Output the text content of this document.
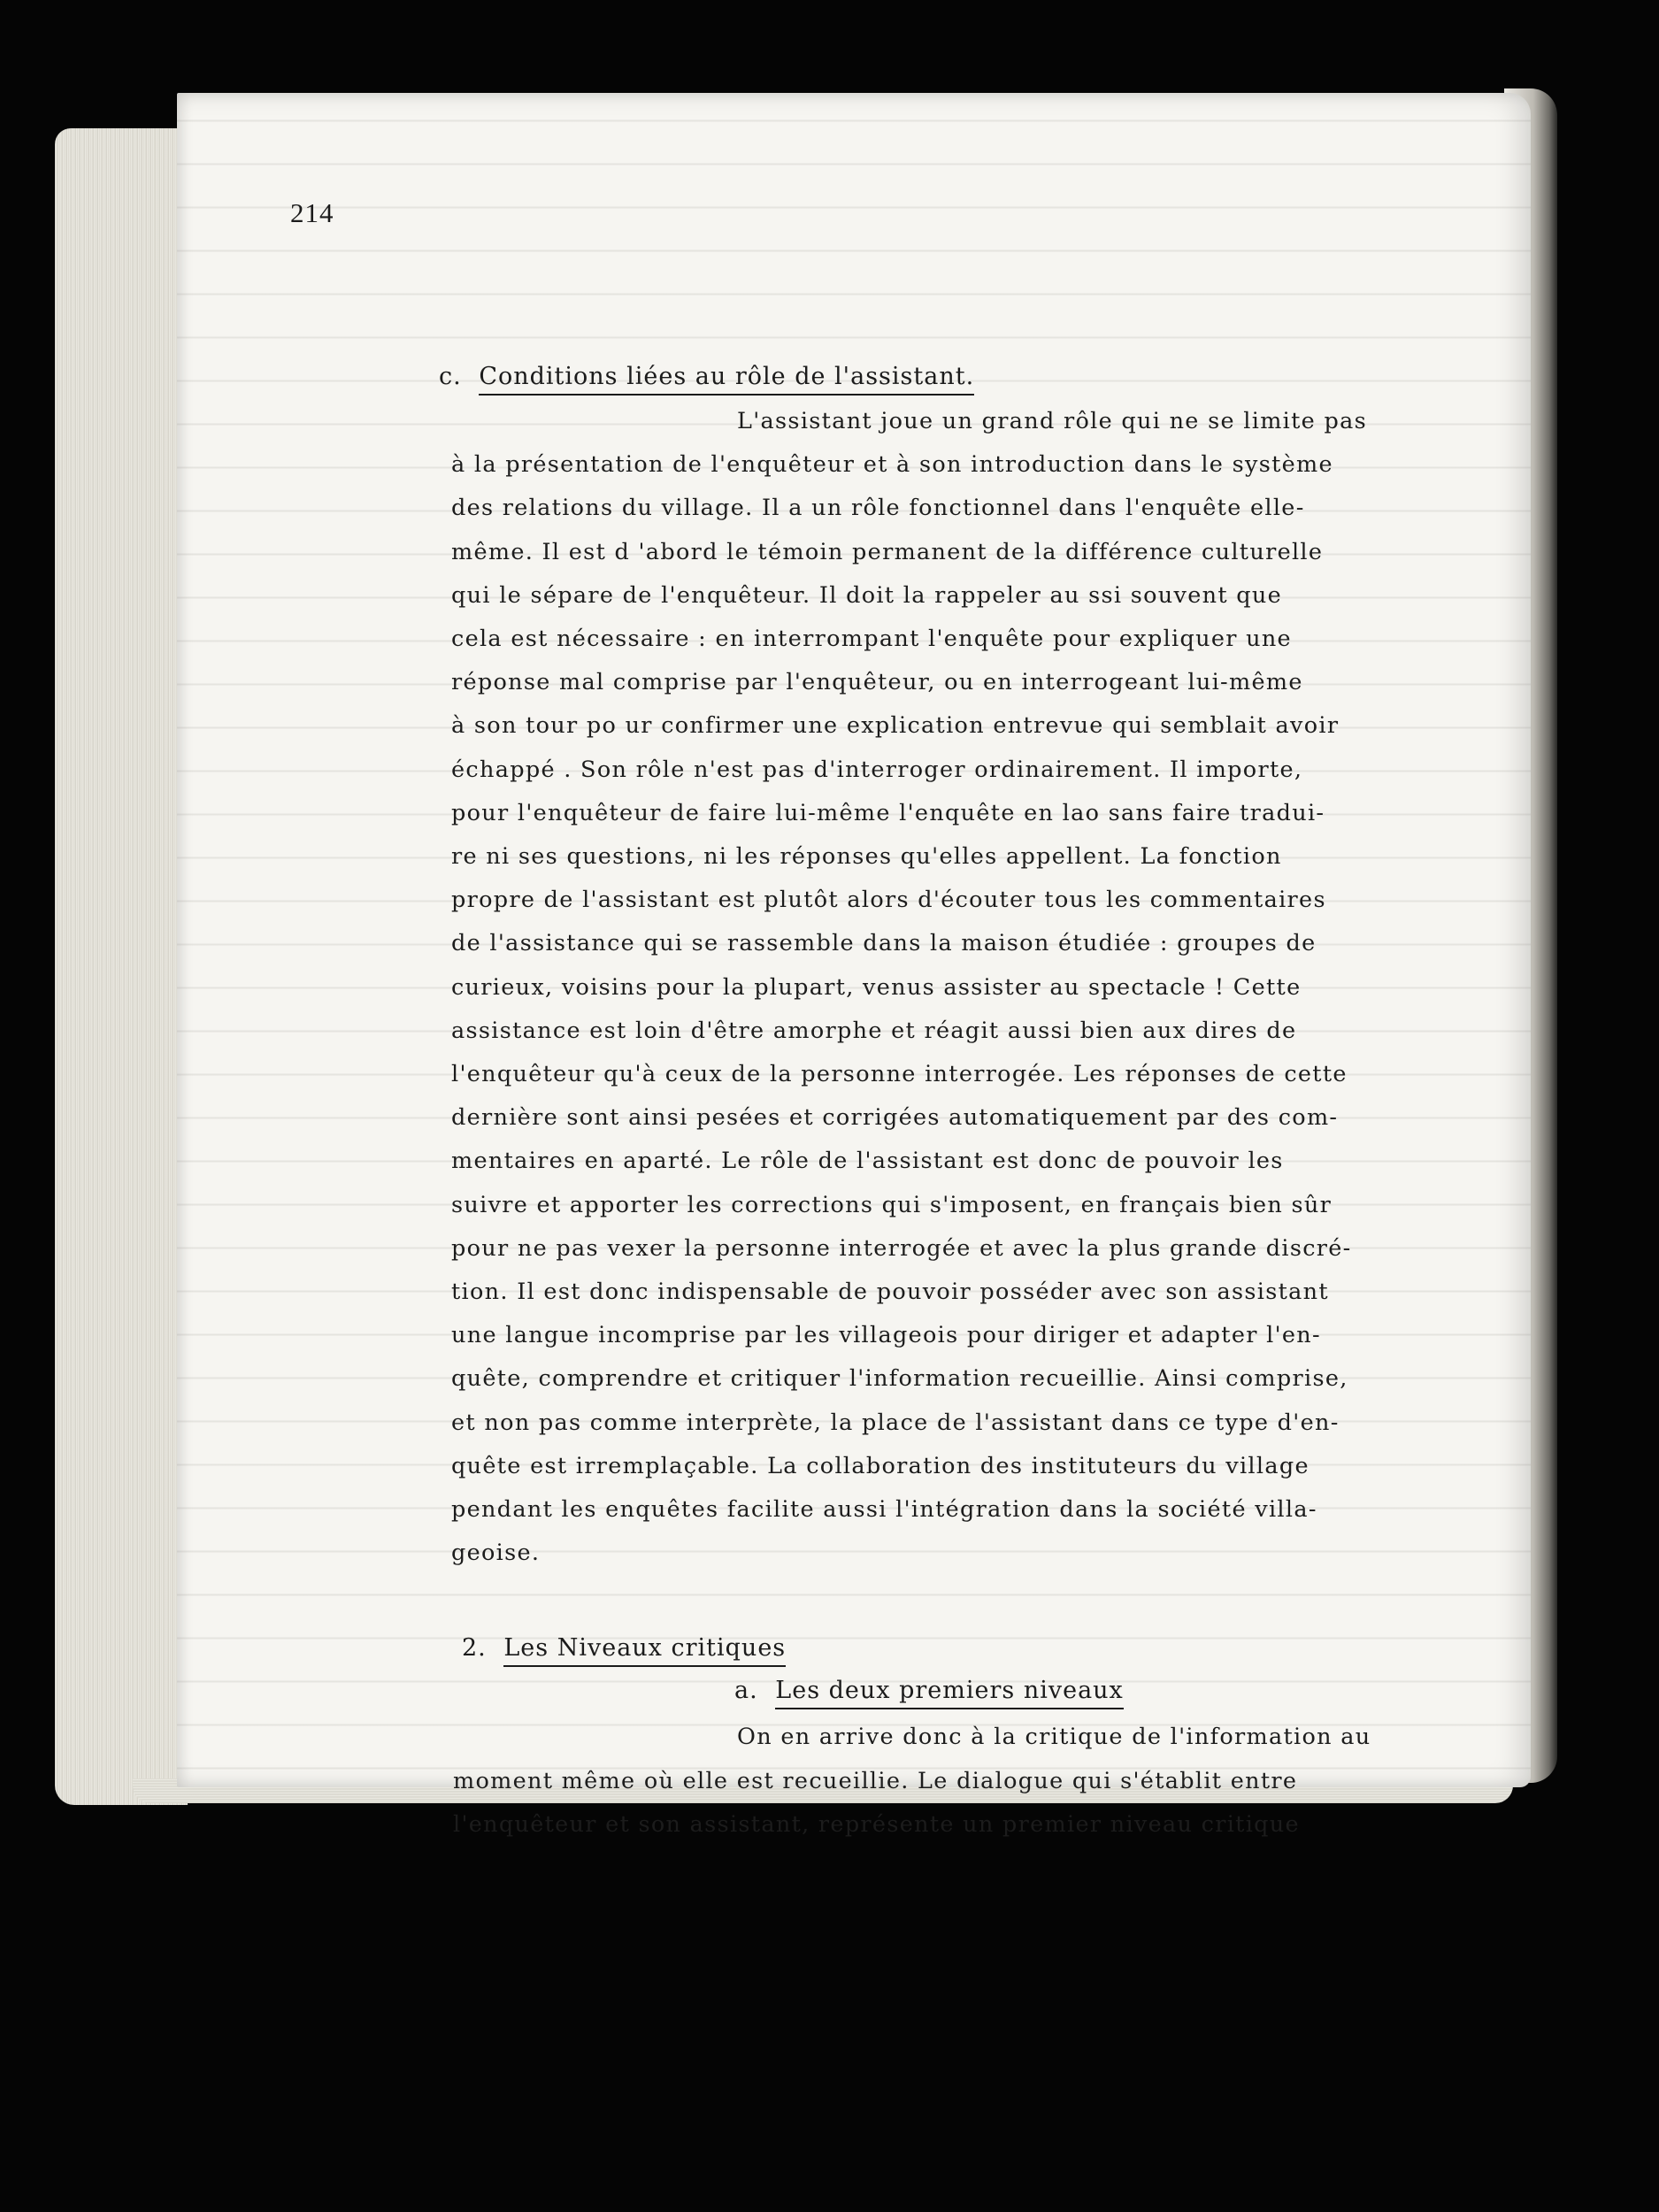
214
c. Conditions liées au rôle de l'assistant.
L'assistant joue un grand rôle qui ne se limite pas
à la présentation de l'enquêteur et à son introduction dans le système
des relations du village. Il a un rôle fonctionnel dans l'enquête elle-
même. Il est d 'abord le témoin permanent de la différence culturelle
qui le sépare de l'enquêteur. Il doit la rappeler au ssi souvent que
cela est nécessaire : en interrompant l'enquête pour expliquer une
réponse mal comprise par l'enquêteur, ou en interrogeant lui-même
à son tour po ur confirmer une explication entrevue qui semblait avoir
échappé . Son rôle n'est pas d'interroger ordinairement. Il importe,
pour l'enquêteur de faire lui-même l'enquête en lao sans faire tradui-
re ni ses questions, ni les réponses qu'elles appellent. La fonction
propre de l'assistant est plutôt alors d'écouter tous les commentaires
de l'assistance qui se rassemble dans la maison étudiée : groupes de
curieux, voisins pour la plupart, venus assister au spectacle ! Cette
assistance est loin d'être amorphe et réagit aussi bien aux dires de
l'enquêteur qu'à ceux de la personne interrogée. Les réponses de cette
dernière sont ainsi pesées et corrigées automatiquement par des com-
mentaires en aparté. Le rôle de l'assistant est donc de pouvoir les
suivre et apporter les corrections qui s'imposent, en français bien sûr
pour ne pas vexer la personne interrogée et avec la plus grande discré-
tion. Il est donc indispensable de pouvoir posséder avec son assistant
une langue incomprise par les villageois pour diriger et adapter l'en-
quête, comprendre et critiquer l'information recueillie. Ainsi comprise,
et non pas comme interprète, la place de l'assistant dans ce type d'en-
quête est irremplaçable. La collaboration des instituteurs du village
pendant les enquêtes facilite aussi l'intégration dans la société villa-
geoise.
2. Les Niveaux critiques
a. Les deux premiers niveaux
On en arrive donc à la critique de l'information au
moment même où elle est recueillie. Le dialogue qui s'établit entre
l'enquêteur et son assistant, représente un premier niveau critique
